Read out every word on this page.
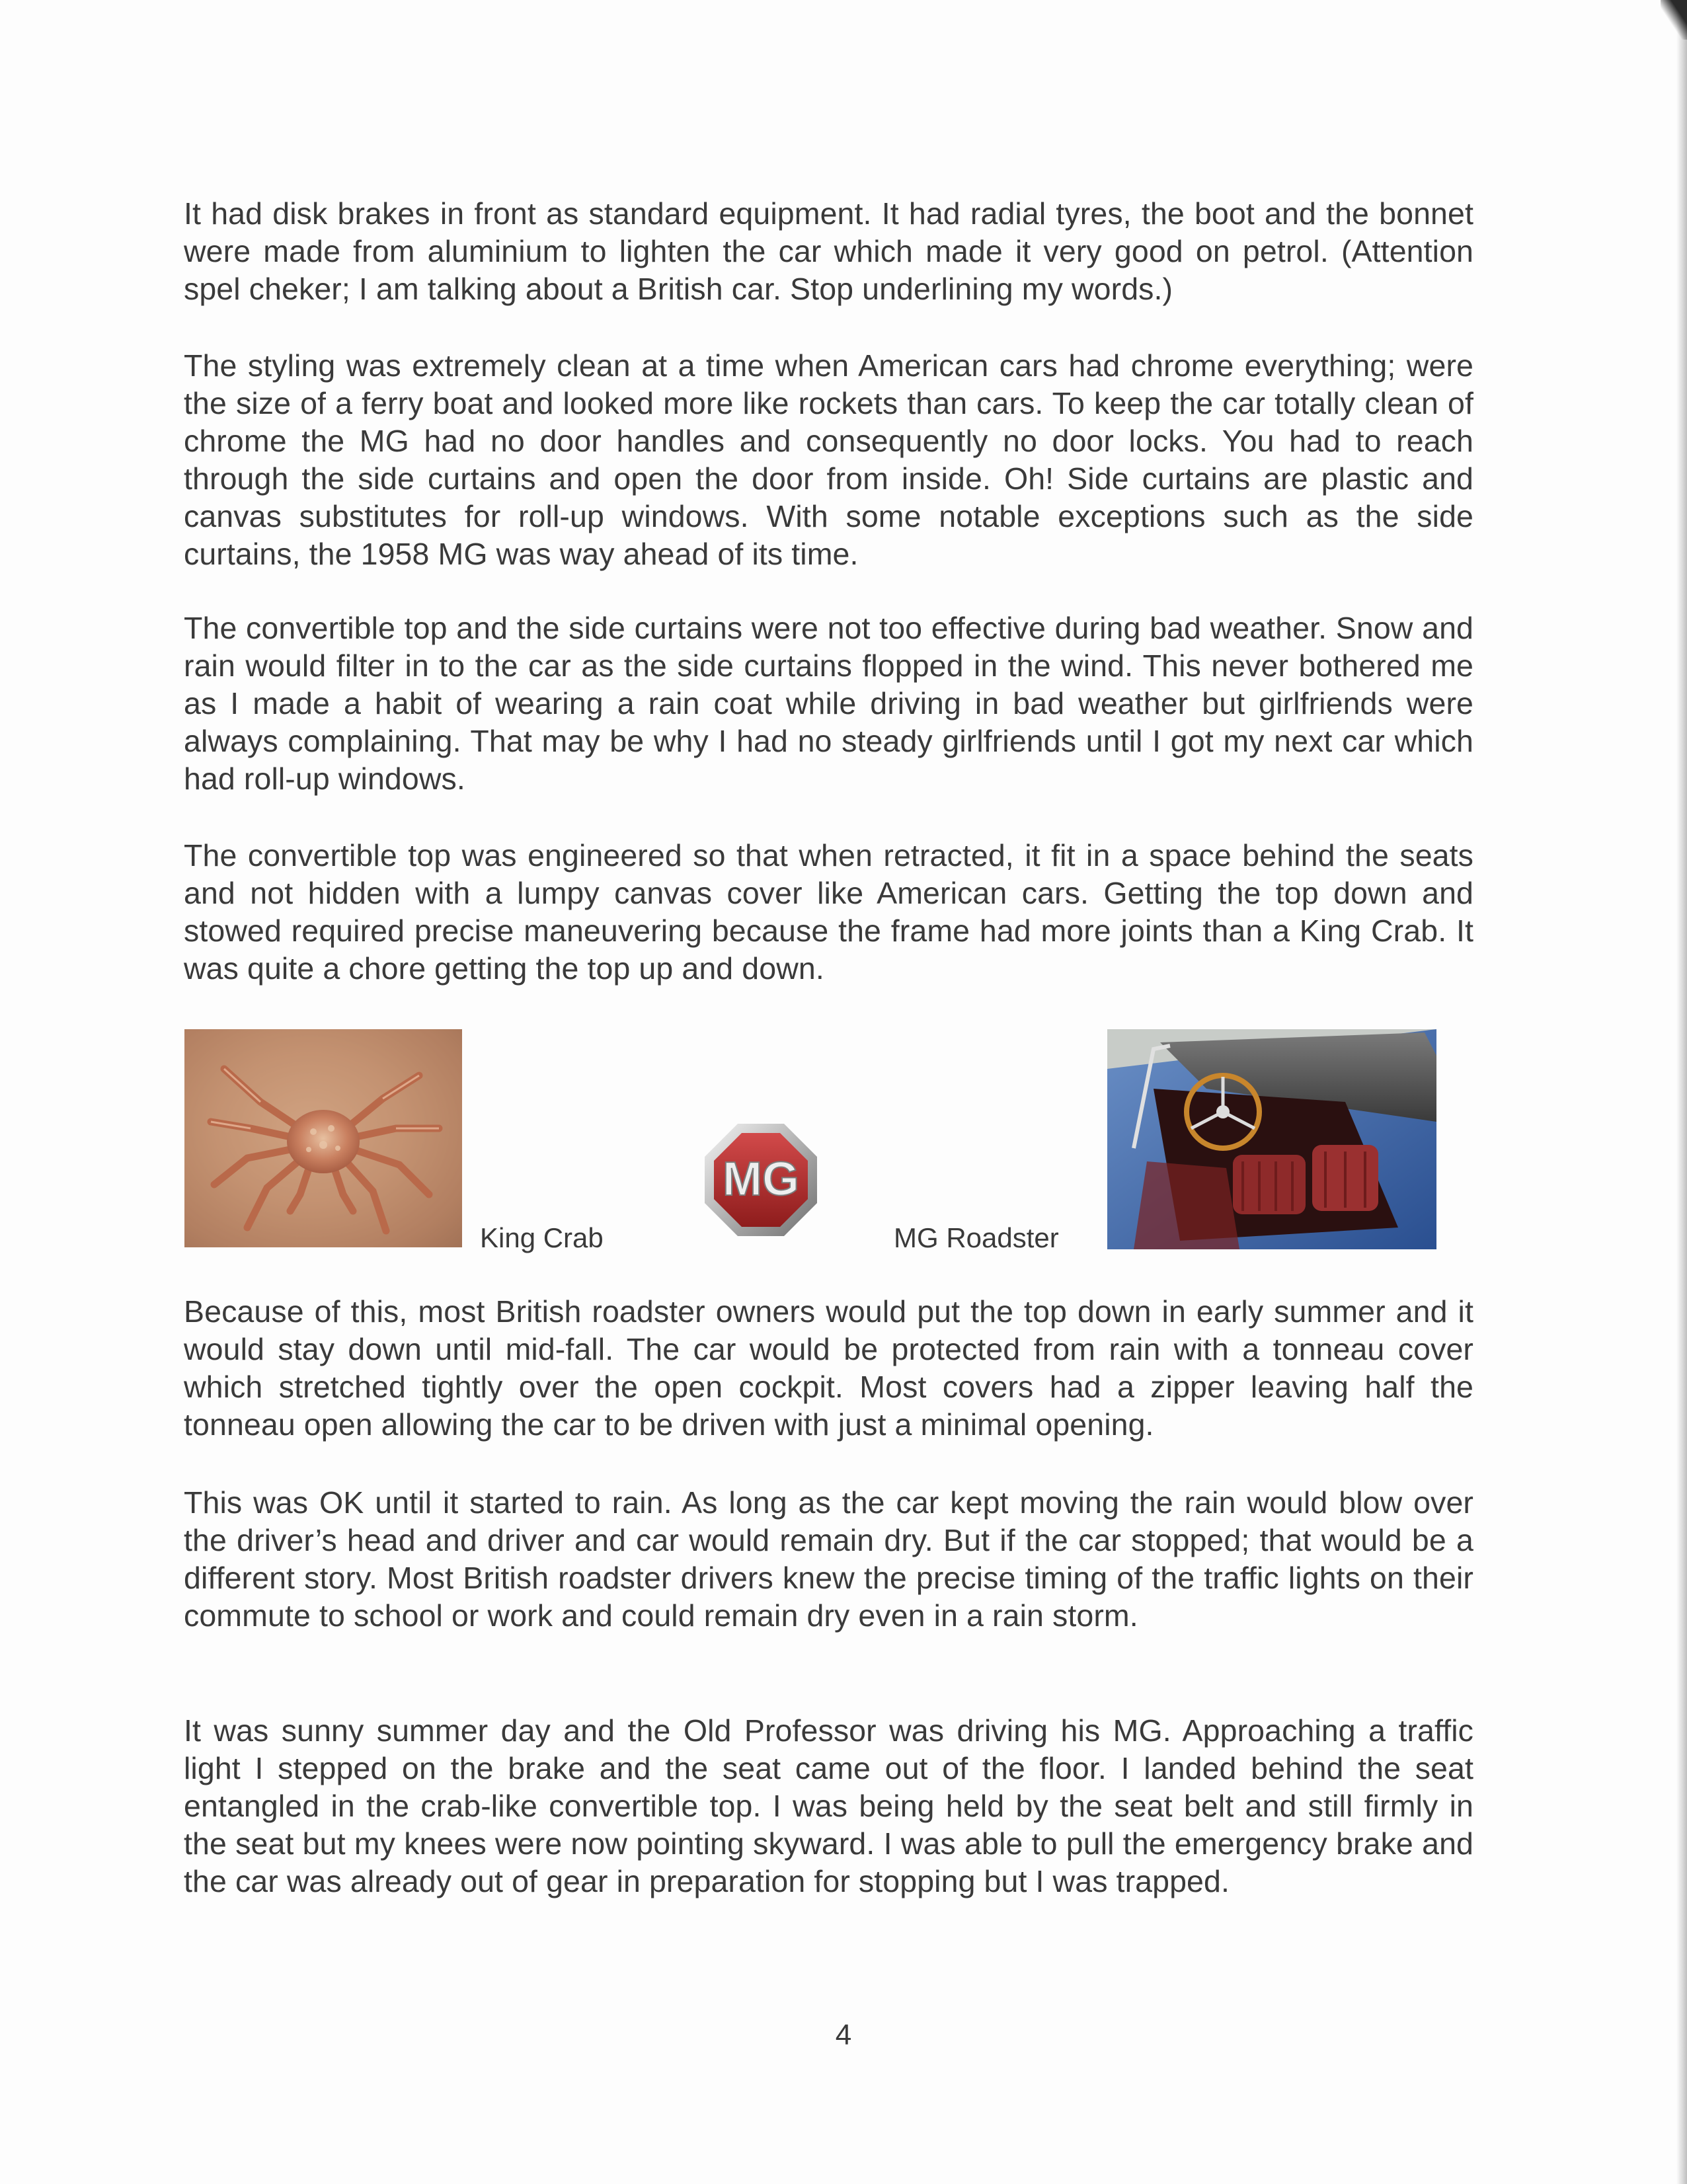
It had disk brakes in front as standard equipment. It had radial tyres, the boot and the bonnet were made from aluminium to lighten the car which made it very good on petrol. (Attention spel cheker; I am talking about a British car. Stop underlining my words.)

The styling was extremely clean at a time when American cars had chrome everything; were the size of a ferry boat and looked more like rockets than cars. To keep the car totally clean of chrome the MG had no door handles and consequently no door locks. You had to reach through the side curtains and open the door from inside. Oh! Side curtains are plastic and canvas substitutes for roll-up windows. With some notable exceptions such as the side curtains, the 1958 MG was way ahead of its time.

The convertible top and the side curtains were not too effective during bad weather. Snow and rain would filter in to the car as the side curtains flopped in the wind. This never bothered me as I made a habit of wearing a rain coat while driving in bad weather but girlfriends were always complaining. That may be why I had no steady girlfriends until I got my next car which had roll-up windows.

The convertible top was engineered so that when retracted, it fit in a space behind the seats and not hidden with a lumpy canvas cover like American cars. Getting the top down and stowed required precise maneuvering because the frame had more joints than a King Crab. It was quite a chore getting the top up and down.

King Crab
MG
MG Roadster

Because of this, most British roadster owners would put the top down in early summer and it would stay down until mid-fall. The car would be protected from rain with a tonneau cover which stretched tightly over the open cockpit. Most covers had a zipper leaving half the tonneau open allowing the car to be driven with just a minimal opening.

This was OK until it started to rain. As long as the car kept moving the rain would blow over the driver’s head and driver and car would remain dry. But if the car stopped; that would be a different story. Most British roadster drivers knew the precise timing of the traffic lights on their commute to school or work and could remain dry even in a rain storm.

It was sunny summer day and the Old Professor was driving his MG. Approaching a traffic light I stepped on the brake and the seat came out of the floor. I landed behind the seat entangled in the crab-like convertible top. I was being held by the seat belt and still firmly in the seat but my knees were now pointing skyward. I was able to pull the emergency brake and the car was already out of gear in preparation for stopping but I was trapped.

4
